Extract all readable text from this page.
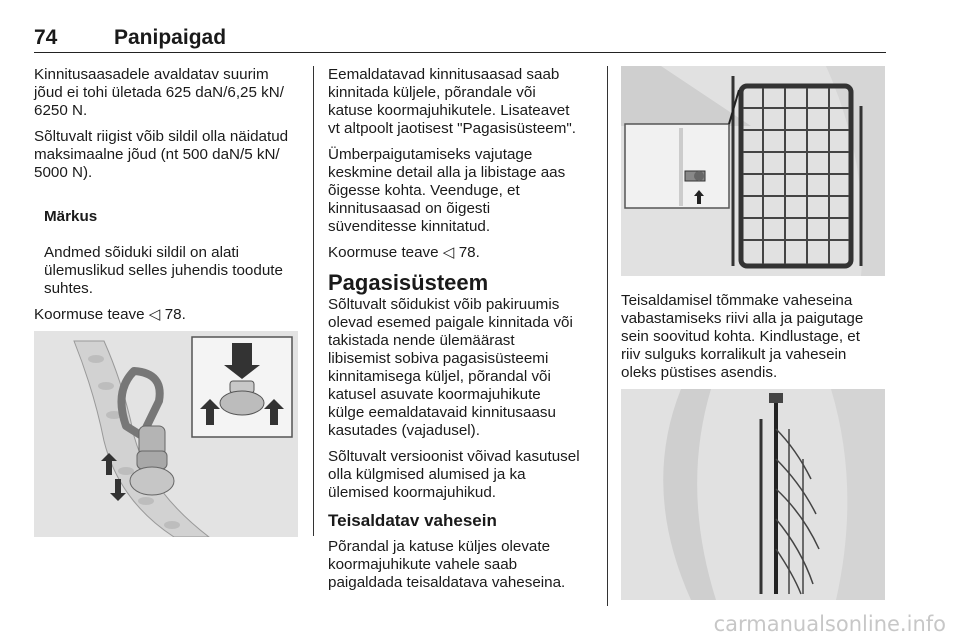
74	Panipaigad

Kinnitusaasadele avaldatav suurim
jõud ei tohi ületada 625 daN/6,25 kN/
6250 N.

Sõltuvalt riigist võib sildil olla näidatud
maksimaalne jõud (nt 500 daN/5 kN/
5000 N).

Märkus

Andmed sõiduki sildil on alati
ülemuslikud selles juhendis toodute
suhtes.

Koormuse teave ◁ 78.

Eemaldatavad kinnitusaasad saab
kinnitada küljele, põrandale või
katuse koormajuhikutele. Lisateavet
vt altpoolt jaotisest "Pagasisüsteem".

Ümberpaigutamiseks vajutage
keskmine detail alla ja libistage aas
õigesse kohta. Veenduge, et
kinnitusaasad on õigesti
süvenditesse kinnitatud.

Koormuse teave ◁ 78.

Pagasisüsteem

Sõltuvalt sõidukist võib pakiruumis
olevad esemed paigale kinnitada või
takistada nende ülemäärast
libisemist sobiva pagasisüsteemi
kinnitamisega küljel, põrandal või
katusel asuvate koormajuhikute
külge eemaldatavaid kinnitusaasu
kasutades (vajadusel).

Sõltuvalt versioonist võivad kasutusel
olla külgmised alumised ja ka
ülemised koormajuhikud.

Teisaldatav vahesein

Põrandal ja katuse küljes olevate
koormajuhikute vahele saab
paigaldada teisaldatava vaheseina.

Teisaldamisel tõmmake vaheseina
vabastamiseks riivi alla ja paigutage
sein soovitud kohta. Kindlustage, et
riiv sulguks korralikult ja vahesein
oleks püstises asendis.

carmanualsonline.info
